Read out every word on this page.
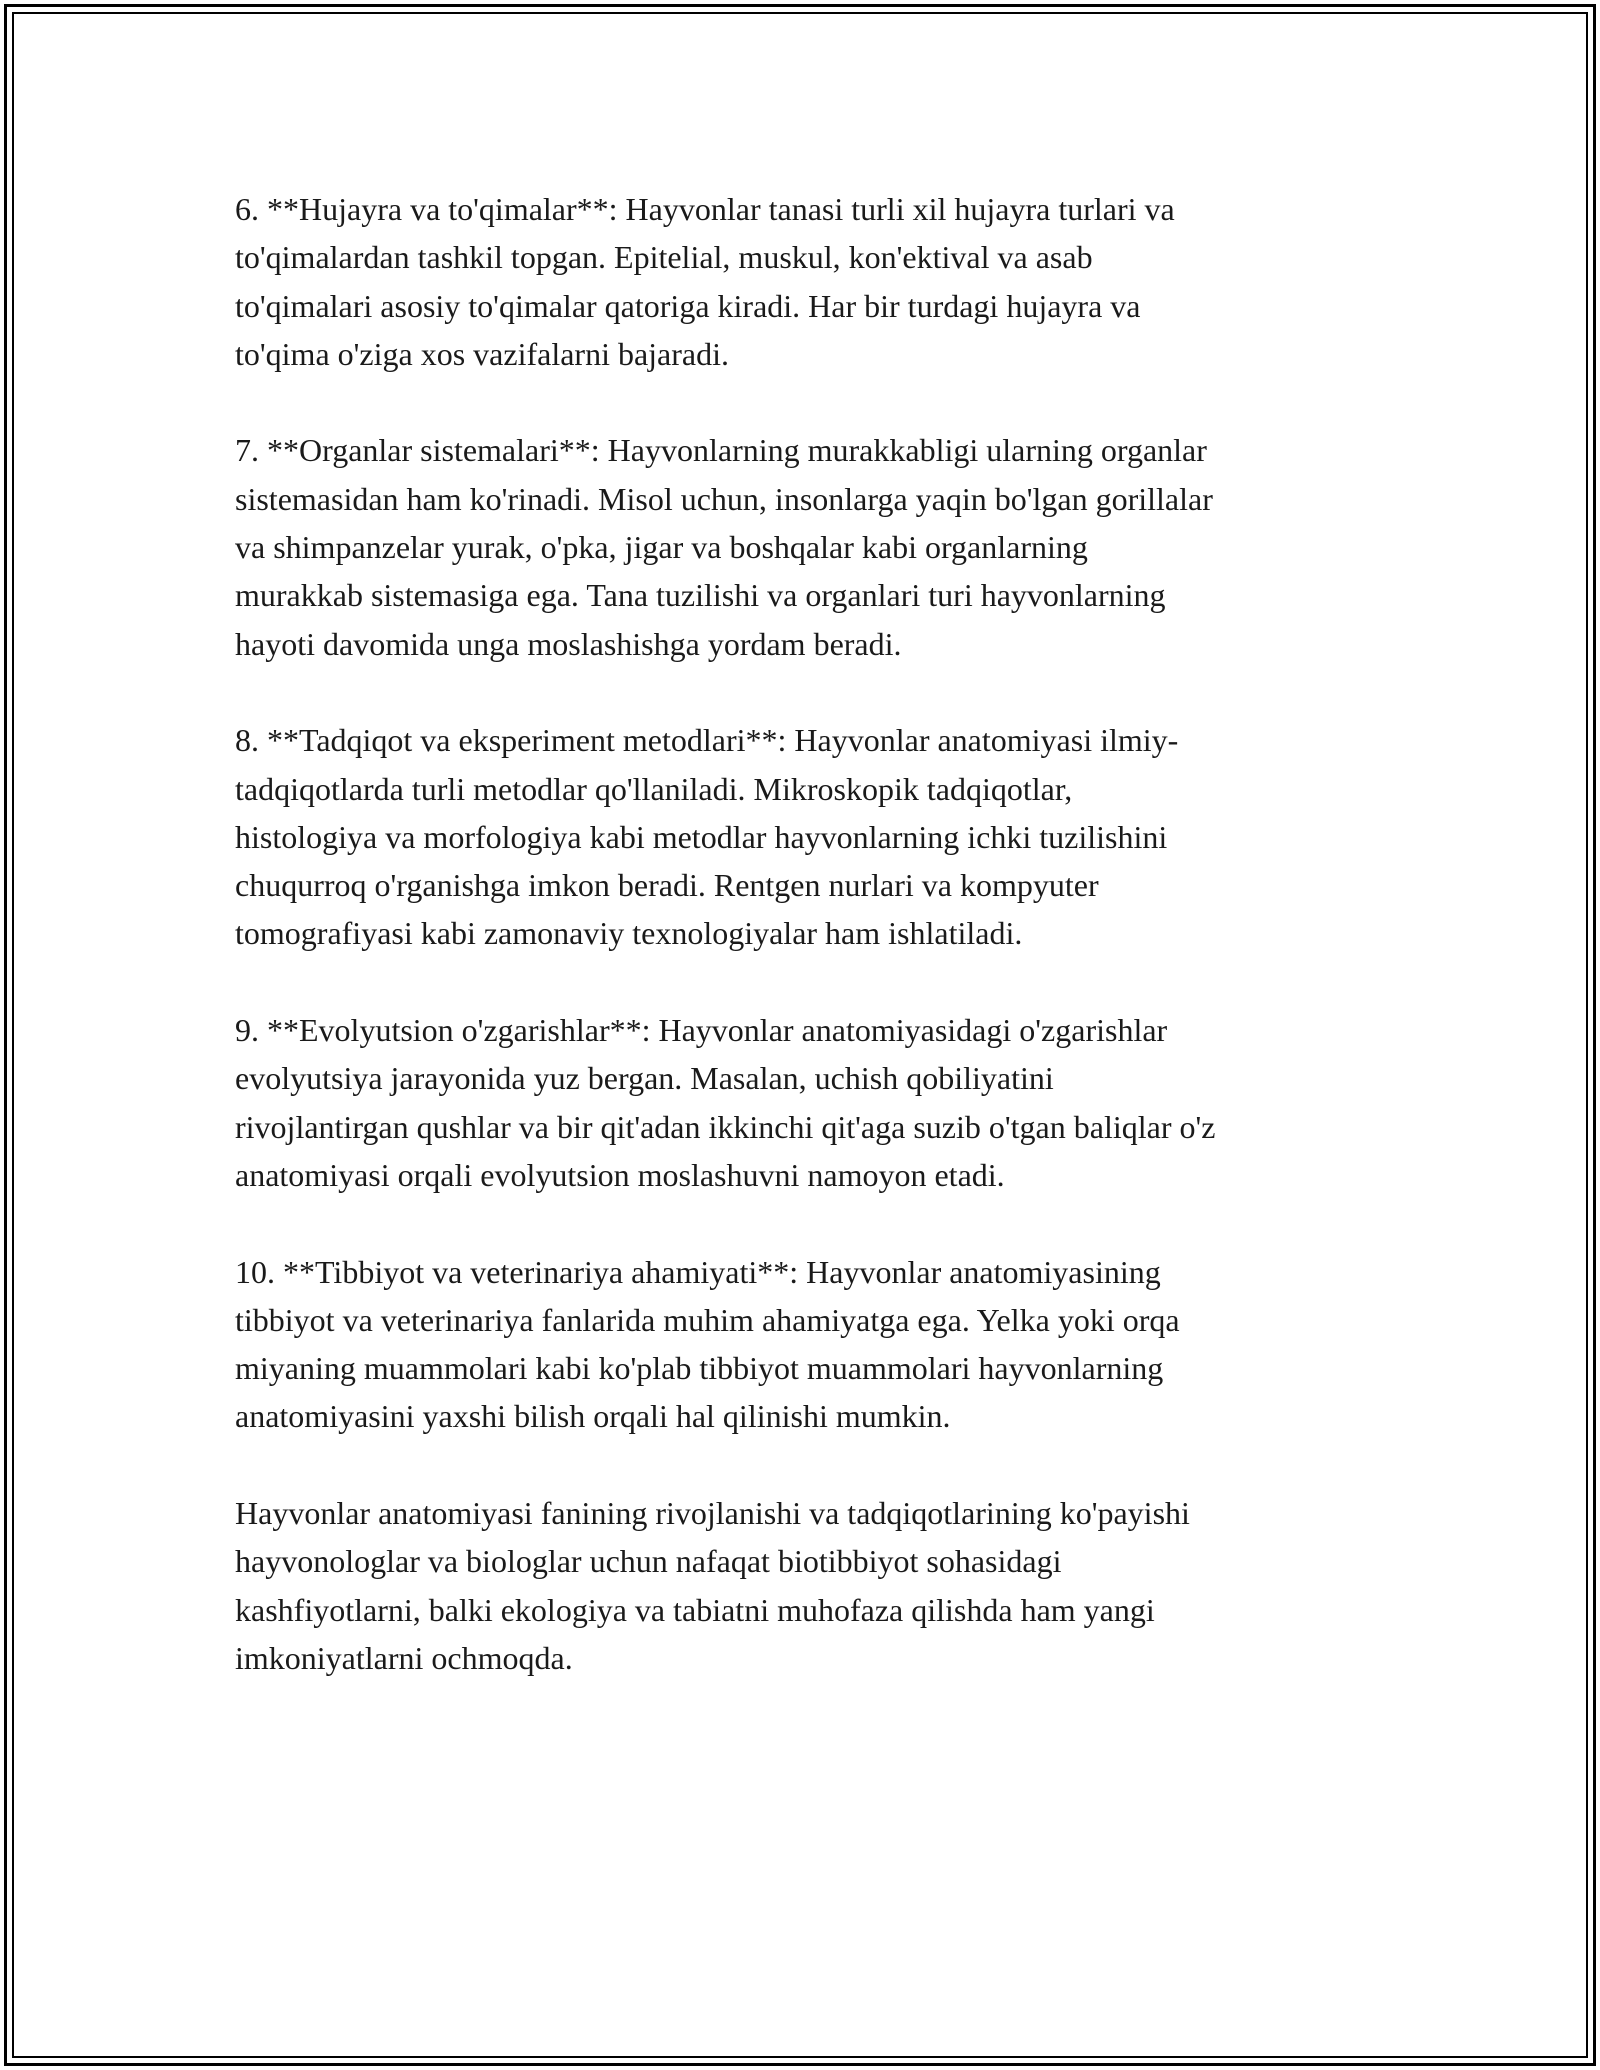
6. **Hujayra va to'qimalar**: Hayvonlar tanasi turli xil hujayra turlari va
to'qimalardan tashkil topgan. Epitelial, muskul, kon'ektival va asab
to'qimalari asosiy to'qimalar qatoriga kiradi. Har bir turdagi hujayra va
to'qima o'ziga xos vazifalarni bajaradi.

7. **Organlar sistemalari**: Hayvonlarning murakkabligi ularning organlar
sistemasidan ham ko'rinadi. Misol uchun, insonlarga yaqin bo'lgan gorillalar
va shimpanzelar yurak, o'pka, jigar va boshqalar kabi organlarning
murakkab sistemasiga ega. Tana tuzilishi va organlari turi hayvonlarning
hayoti davomida unga moslashishga yordam beradi.

8. **Tadqiqot va eksperiment metodlari**: Hayvonlar anatomiyasi ilmiy-
tadqiqotlarda turli metodlar qo'llaniladi. Mikroskopik tadqiqotlar,
histologiya va morfologiya kabi metodlar hayvonlarning ichki tuzilishini
chuqurroq o'rganishga imkon beradi. Rentgen nurlari va kompyuter
tomografiyasi kabi zamonaviy texnologiyalar ham ishlatiladi.

9. **Evolyutsion o'zgarishlar**: Hayvonlar anatomiyasidagi o'zgarishlar
evolyutsiya jarayonida yuz bergan. Masalan, uchish qobiliyatini
rivojlantirgan qushlar va bir qit'adan ikkinchi qit'aga suzib o'tgan baliqlar o'z
anatomiyasi orqali evolyutsion moslashuvni namoyon etadi.

10. **Tibbiyot va veterinariya ahamiyati**: Hayvonlar anatomiyasining
tibbiyot va veterinariya fanlarida muhim ahamiyatga ega. Yelka yoki orqa
miyaning muammolari kabi ko'plab tibbiyot muammolari hayvonlarning
anatomiyasini yaxshi bilish orqali hal qilinishi mumkin.

Hayvonlar anatomiyasi fanining rivojlanishi va tadqiqotlarining ko'payishi
hayvonologlar va biologlar uchun nafaqat biotibbiyot sohasidagi
kashfiyotlarni, balki ekologiya va tabiatni muhofaza qilishda ham yangi
imkoniyatlarni ochmoqda.
